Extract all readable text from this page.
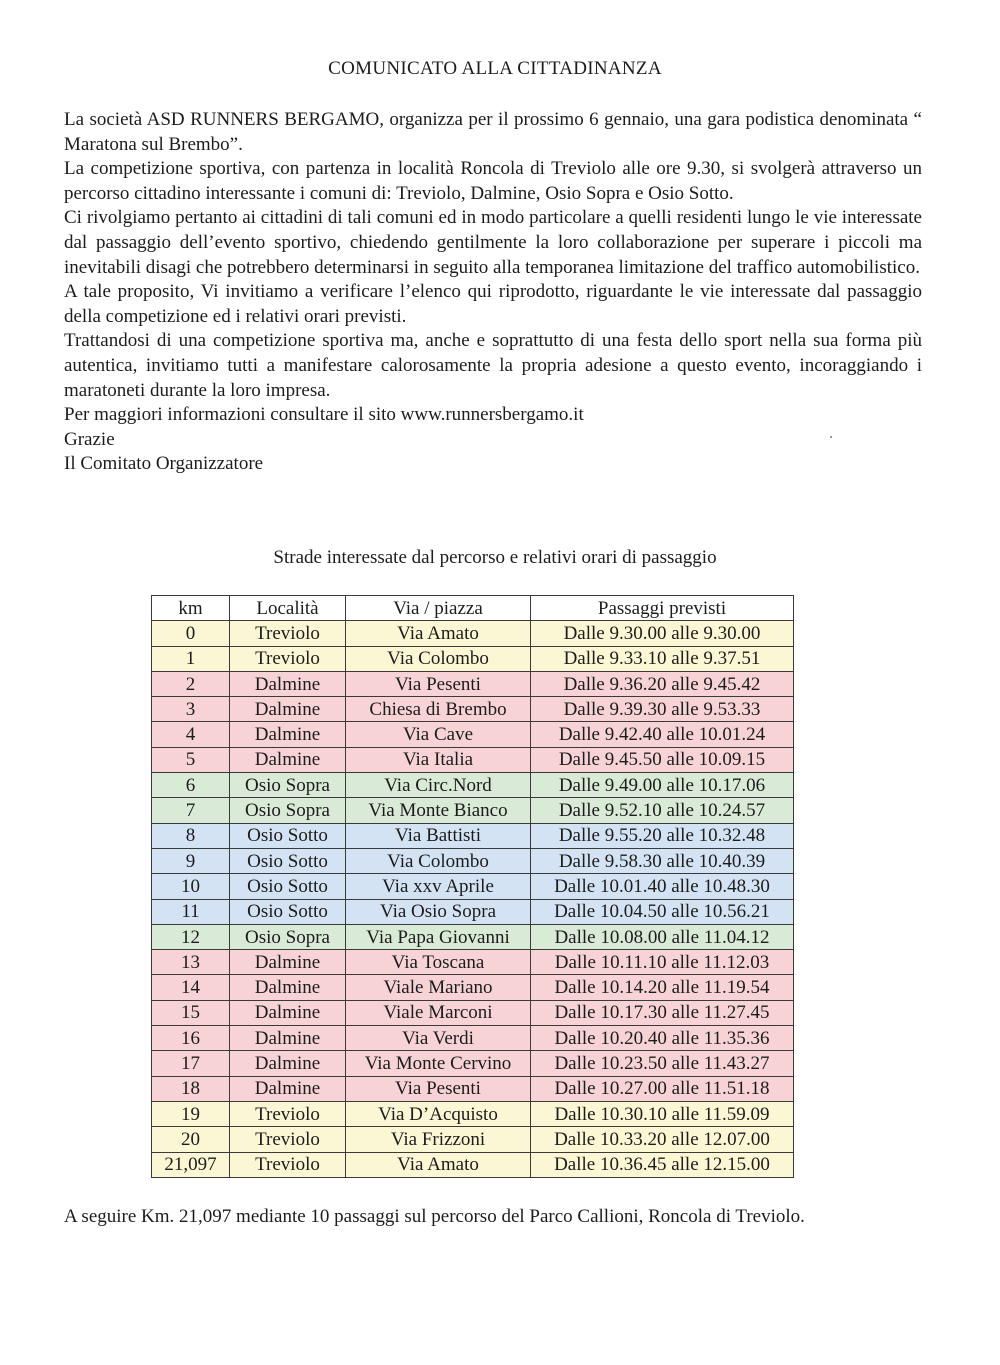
COMUNICATO ALLA CITTADINANZA

La società ASD RUNNERS BERGAMO, organizza per il prossimo 6 gennaio, una gara podistica denominata “ Maratona sul Brembo”.

La competizione sportiva, con partenza in località Roncola di Treviolo alle ore 9.30, si svolgerà attraverso un percorso cittadino interessante i comuni di: Treviolo, Dalmine, Osio Sopra e Osio Sotto.

Ci rivolgiamo pertanto ai cittadini di tali comuni ed in modo particolare a quelli residenti lungo le vie interessate dal passaggio dell’evento sportivo, chiedendo gentilmente la loro collaborazione per superare i piccoli ma inevitabili disagi che potrebbero determinarsi in seguito alla temporanea limitazione del traffico automobilistico.

A tale proposito, Vi invitiamo a verificare l’elenco qui riprodotto, riguardante le vie interessate dal passaggio della competizione ed i relativi orari previsti.

Trattandosi di una competizione sportiva ma, anche e soprattutto di una festa dello sport nella sua forma più autentica, invitiamo tutti a manifestare calorosamente la propria adesione a questo evento, incoraggiando i maratoneti durante la loro impresa.

Per maggiori informazioni consultare il sito www.runnersbergamo.it

Grazie

Il Comitato Organizzatore

Strade interessate dal percorso e relativi orari di passaggio
km	Località	Via / piazza	Passaggi previsti
0	Treviolo	Via Amato	Dalle 9.30.00 alle 9.30.00
1	Treviolo	Via Colombo	Dalle 9.33.10 alle 9.37.51
2	Dalmine	Via Pesenti	Dalle 9.36.20 alle 9.45.42
3	Dalmine	Chiesa di Brembo	Dalle 9.39.30 alle 9.53.33
4	Dalmine	Via Cave	Dalle 9.42.40 alle 10.01.24
5	Dalmine	Via Italia	Dalle 9.45.50 alle 10.09.15
6	Osio Sopra	Via Circ.Nord	Dalle 9.49.00 alle 10.17.06
7	Osio Sopra	Via Monte Bianco	Dalle 9.52.10 alle 10.24.57
8	Osio Sotto	Via Battisti	Dalle 9.55.20 alle 10.32.48
9	Osio Sotto	Via Colombo	Dalle 9.58.30 alle 10.40.39
10	Osio Sotto	Via xxv Aprile	Dalle 10.01.40 alle 10.48.30
11	Osio Sotto	Via Osio Sopra	Dalle 10.04.50 alle 10.56.21
12	Osio Sopra	Via Papa Giovanni	Dalle 10.08.00 alle 11.04.12
13	Dalmine	Via Toscana	Dalle 10.11.10 alle 11.12.03
14	Dalmine	Viale Mariano	Dalle 10.14.20 alle 11.19.54
15	Dalmine	Viale Marconi	Dalle 10.17.30 alle 11.27.45
16	Dalmine	Via Verdi	Dalle 10.20.40 alle 11.35.36
17	Dalmine	Via Monte Cervino	Dalle 10.23.50 alle 11.43.27
18	Dalmine	Via Pesenti	Dalle 10.27.00 alle 11.51.18
19	Treviolo	Via D’Acquisto	Dalle 10.30.10 alle 11.59.09
20	Treviolo	Via Frizzoni	Dalle 10.33.20 alle 12.07.00
21,097	Treviolo	Via Amato	Dalle 10.36.45 alle 12.15.00
A seguire Km. 21,097 mediante 10 passaggi sul percorso del Parco Callioni, Roncola di Treviolo.
